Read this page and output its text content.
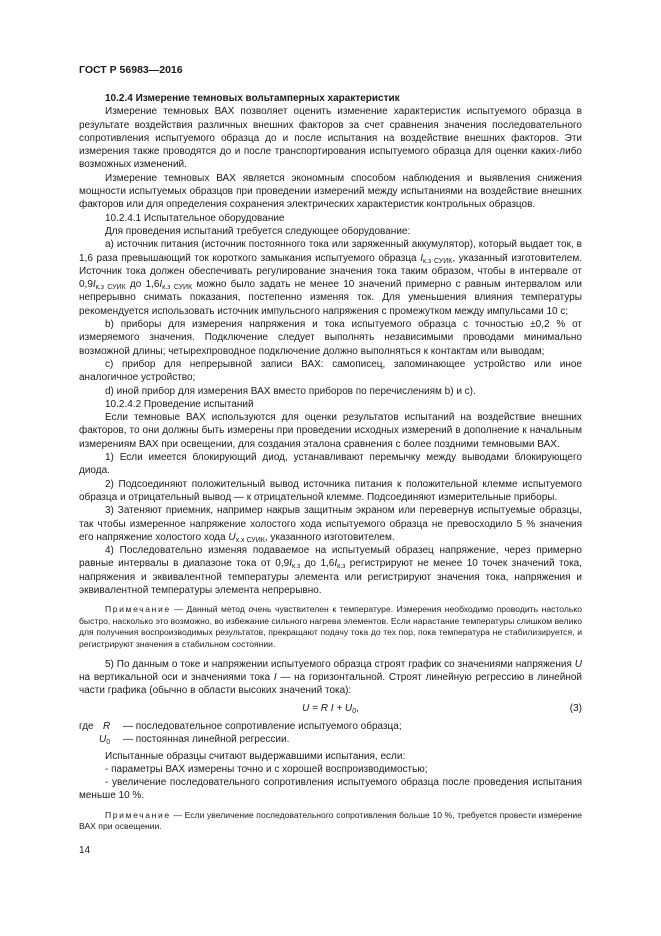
ГОСТ Р 56983—2016

10.2.4 Измерение темновых вольтамперных характеристик

Измерение темновых ВАХ позволяет оценить изменение характеристик испытуемого образца в результате воздействия различных внешних факторов за счет сравнения значения последовательного сопротивления испытуемого образца до и после испытания на воздействие внешних факторов. Эти измерения также проводятся до и после транспортирования испытуемого образца для оценки каких-либо возможных изменений.

Измерение темновых ВАХ является экономным способом наблюдения и выявления снижения мощности испытуемых образцов при проведении измерений между испытаниями на воздействие внешних факторов или для определения сохранения электрических характеристик контрольных образцов.

10.2.4.1 Испытательное оборудование

Для проведения испытаний требуется следующее оборудование:

а) источник питания (источник постоянного тока или заряженный аккумулятор), который выдает ток, в 1,6 раза превышающий ток короткого замыкания испытуемого образца $I_{к.з СУИК}$, указанный изготовителем. Источник тока должен обеспечивать регулирование значения тока таким образом, чтобы в интервале от $0,9I_{к.з СУИК}$ до $1,6I_{к.з СУИК}$ можно было задать не менее 10 значений примерно с равным интервалом или непрерывно снимать показания, постепенно изменяя ток. Для уменьшения влияния температуры рекомендуется использовать источник импульсного напряжения с промежутком между импульсами 10 с;

b) приборы для измерения напряжения и тока испытуемого образца с точностью ±0,2 % от измеряемого значения. Подключение следует выполнять независимыми проводами минимально возможной длины; четырехпроводное подключение должно выполняться к контактам или выводам;

c) прибор для непрерывной записи ВАХ: самописец, запоминающее устройство или иное аналогичное устройство;

d) иной прибор для измерения ВАХ вместо приборов по перечислениям b) и c).

10.2.4.2 Проведение испытаний

Если темновые ВАХ используются для оценки результатов испытаний на воздействие внешних факторов, то они должны быть измерены при проведении исходных измерений в дополнение к начальным измерениям ВАХ при освещении, для создания эталона сравнения с более поздними темновыми ВАХ.

1) Если имеется блокирующий диод, устанавливают перемычку между выводами блокирующего диода.

2) Подсоединяют положительный вывод источника питания к положительной клемме испытуемого образца и отрицательный вывод — к отрицательной клемме. Подсоединяют измерительные приборы.

3) Затеняют приемник, например накрыв защитным экраном или перевернув испытуемые образцы, так чтобы измеренное напряжение холостого хода испытуемого образца не превосходило 5 % значения его напряжение холостого хода $U_{х.х СУИК}$, указанного изготовителем.

4) Последовательно изменяя подаваемое на испытуемый образец напряжение, через примерно равные интервалы в диапазоне тока от $0,9I_{к.з}$ до $1,6I_{к.з}$ регистрируют не менее 10 точек значений тока, напряжения и эквивалентной температуры элемента или регистрируют значения тока, напряжения и эквивалентной температуры элемента непрерывно.

Примечание — Данный метод очень чувствителен к температуре. Измерения необходимо проводить настолько быстро, насколько это возможно, во избежание сильного нагрева элементов. Если нарастание температуры слишком велико для получения воспроизводимых результатов, прекращают подачу тока до тех пор, пока температура не стабилизируется, и регистрируют значения в стабильном состоянии.

5) По данным о токе и напряжении испытуемого образца строят график со значениями напряжения U на вертикальной оси и значениями тока I — на горизонтальной. Строят линейную регрессию в линейной части графика (обычно в области высоких значений тока):

U = R $I + U_0$,	(3)
где R — последовательное сопротивление испытуемого образца;
$U_0$ — постоянная линейной регрессии.

Испытанные образцы считают выдержавшими испытания, если:

- параметры ВАХ измерены точно и с хорошей воспроизводимостью;

- увеличение последовательного сопротивления испытуемого образца после проведения испытания меньше 10 %.

Примечание — Если увеличение последовательного сопротивления больше 10 %, требуется провести измерение ВАХ при освещении.

14
